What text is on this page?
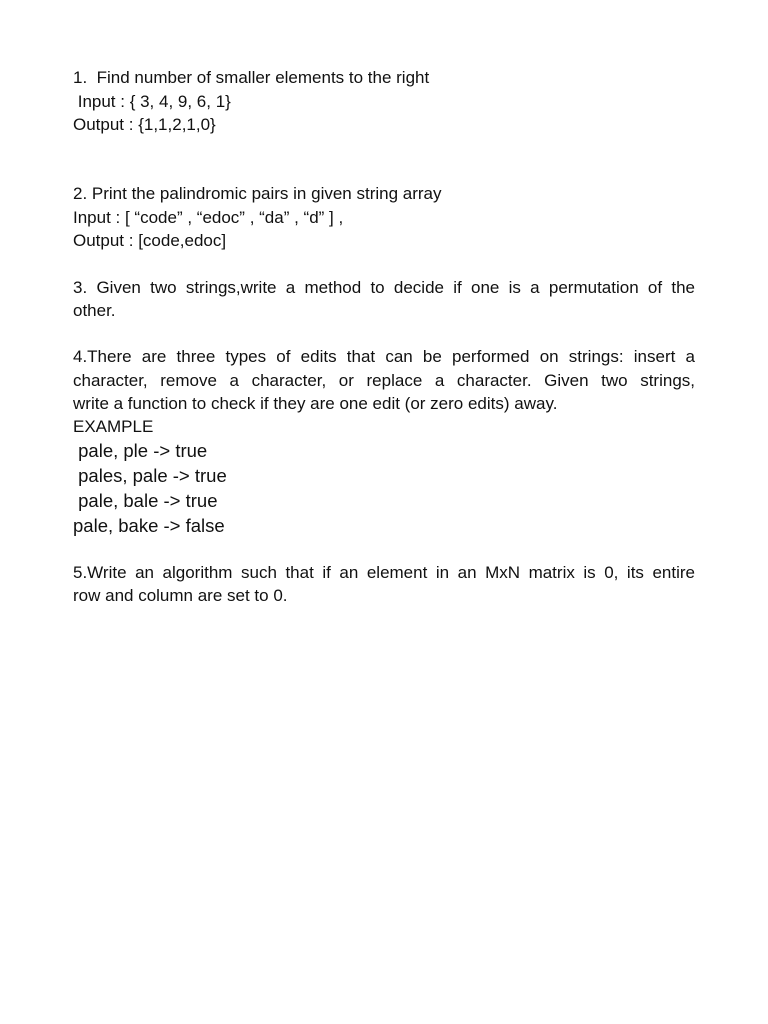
1.  Find number of smaller elements to the right
Input : { 3, 4, 9, 6, 1}
Output : {1,1,2,1,0}
2. Print the palindromic pairs in given string array
Input : [ “code” , “edoc” , “da” , “d” ] ,
Output : [code,edoc]
3. Given two strings,write a method to decide if one is a permutation of the
other.
4.There are three types of edits that can be performed on strings: insert a
character, remove a character, or replace a character. Given two strings,
write a function to check if they are one edit (or zero edits) away.
EXAMPLE
pale, ple -> true
pales, pale -> true
pale, bale -> true
pale, bake -> false
5.Write an algorithm such that if an element in an MxN matrix is 0, its entire
row and column are set to 0.
